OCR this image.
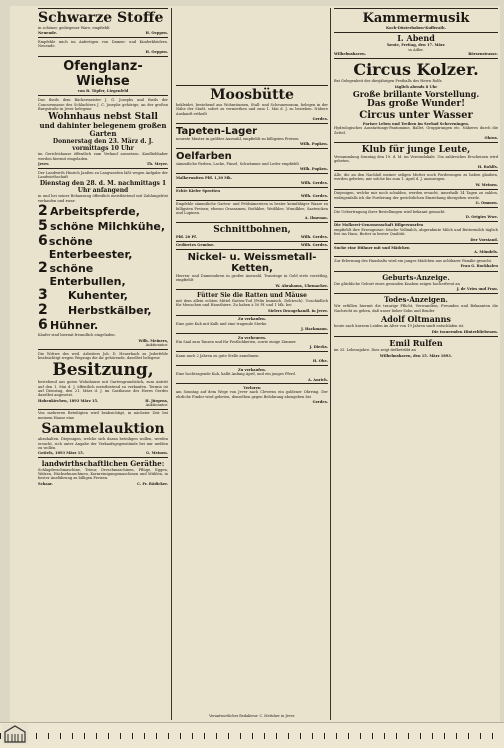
Schwarze Stoffe

in schöner, gediegener Ware, empfiehlt

Neuende.	H. Oeppen.

Empfehle mich im Anfertigen von Damen- und Kinderkleidern. Neuende.

H. Oeppen.
Ofenglanz-Wiehse
von B. Töpfer, Liegenfeld

Das theils dem Bäckermeister J. G. Josephs und theils der Concursmasse des Schlachters J. C. Josephs gehörige, an der großen Burgstraße in Jever belegene

Wohnhaus nebst Stall
und dahinter belegenem großen Garten
Donnerstag den 23. März d. J. vormittags 10 Uhr

im Gerichtshause öffentlich zum Verkauf aussetzen. Kaufliebhaber werden hiermit eingeladen.

Jever.	Th. Meyer.

Der Landwirth Hinrich Janßen zu Langwarden läßt wegen Aufgabe der Landwirthschaft

Dienstag den 28. d. M. nachmittags 1 Uhr anfangend

in und bei seiner Behausung öffentlich meistbietend mit Zahlungsfrist verkaufen und zwar:

2 Arbeitspferde,
5 schöne Milchkühe,
6 schöne Enterbeester,
2 schöne Enterbullen,
3	Kuhenter,
2	Herbstkälber,
6 Hühner.

Käufer sind hiermit freundlich eingeladen.

Wilh. Meiners,
Auktionator.

Die Wittwe des weil. Arbeiters Joh. D. Heuerbach zu Jederfelde beabsichtigt wegen Wegzugs die ihr gehörende, daselbst belegene

Besitzung,

bestehend aus guten Wohnhause mit Gartengrundstück, zum Antritt auf den 1. Mai d. J. öffentlich meistbietend zu verkaufen. Termin ist auf Dienstag, den 21. März d. J. im Gasthause des Herrn Gerdes daselbst angesetzt.

Hohenkirchen, 1893 März 15.	H. Jürgens,
Auktionator.

Von mehreren Beteiligten wird beabsichtigt, in nächster Zeit bei meinem Hause eine

Sammelauktion

abzuhalten. Diejenigen, welche sich daran beteiligen wollen, werden ersucht, sich unter Angabe der Verkaufsgegenstände bei mir melden zu wollen.

Gottels, 1893 März 15.	G. Meinen.
landwirthschaftlichen Geräthe:

Schlagdreschmaschine, Trieur, Dreschmaschinen, Pflüge, Eggen, Walzen, Häckselmaschinen, Kornreinigungsmaschinen und Mühlen, in bester Ausführung zu billigen Preisen.

Schaar.	C. Fr. Rädicker.
Moosbütte

bekleidet, bestehend aus Wohnräumen, Stall- und Scheunenraum, belegen in der Nähe der Stadt, sofort zu vermiethen und zum 1. Mai d. J. zu beziehen. Nähere Auskunft ertheilt

Gerdes.
Tapeten-Lager

neueste Muster in größter Auswahl, empfiehlt zu billigsten Preisen

Wilh. Popken.
Oelfarben

sämmtliche Farben, Lacke, Pinsel, Schwämme und Leder empfiehlt

Wilh. Popken.

Malkerwaiten Pfd. 1,30 Mk.

Wilh. Gerdes.
Echte Kieler Sprotten
Wilh. Gerdes.

Empfehle sämmtliche Garten- und Feldsämereien in bester keimfähiger Waare zu billigsten Preisen; ebenso Grassamen, Rothklee, Weißklee, Wundklee, Saatwicken und Lupinen.

A. Ilmenan.
Schnittbohnen,
Pfd. 20 Pf.	Wilh. Gerdes.
Gedörrtes Gemüse.	Wilh. Gerdes.
Nickel- u. Weissmetall-Ketten,

Herren- und Damenuhren in großer Auswahl, Trauringe in Gold stets vorräthig, empfiehlt

W. Abrahams, Uhrmacher.
Fütter Sie die Ratten und Mäuse

mit dem allein echten Mittel Ratten-Tod (Felix Immisch, Delitzsch). Unschädlich für Menschen und Hausthiere. Zu haben à 50 Pf. und 1 Mk. bei

Sielers Droogehandl. in Jever.
Zu verkaufen.

Eine gute Kuh mit Kalb und eine tragende Sterke.

J. Hackmann.
Zu verheuern.

Ein Saal zum Tanzen und für Festlichkeiten, sowie einige Zimmer.

J. Dierks.

Kann nach 2 Jahren zu gute Stelle annehmen.

H. Ohe.
Zu verkaufen.

Eine hochtragende Kuh, kalbt Anfang April, und ein junges Pferd.

A. Anrich.
Verloren

am Sonntag auf dem Wege von Jever nach Cleverns ein goldener Ohrring. Der ehrliche Finder wird gebeten, denselben gegen Belohnung abzugeben bei

Gerdes.
Verantwortlicher Redakteur: C. Mettcker in Jever.
Kammermusik
Koch-Düsterhoben-Kufferath.
I. Abend
heute, Freitag, den 17. März
in Adler.
Wilhelmshaven.	Börsenstrasse.
Circus Kolzer.

Bei Gelegenheit des diesjährigen Festballs des Herrn Rolfs

täglich abends 8 Uhr
Große brillante Vorstellung.
Das große Wunder!
Circus unter Wasser
Pariser Leben und Treiben im Seebad Scheveningen.

Hydrologisches Ausstattungs-Pantomime, Ballet, Gruppirungen etc. Näheres durch die Zettel.

Ohrns.
Klub für junge Leute,

Versammlung Sonntag den 19. d. M. im Vereinslokale. Um zahlreiches Erscheinen wird gebeten.

H. Rohlfs.

Alle, die an den Nachlaß meiner seligen Mutter noch Forderungen zu haben glauben, werden gebeten, mir solche bis zum 1. April d. J. anzuzeigen.

W. Meinen.

Diejenigen, welche mir noch schulden, werden ersucht, innerhalb 14 Tagen zu zahlen, widrigenfalls ich die Forderung der gerichtlichen Einziehung übergeben werde.

G. Ommen.

Die Uebertragung ihrer Bestellungen wird bekannt gemacht.

D. Ortgies Wwe.
Die Molkerei-Genossenschaft Hilgerswarfen

empfiehlt ihre Erzeugnisse: frische Vollmilch, abgerahmte Milch und Buttermilch täglich frei ins Haus, Butter in bester Qualität.

Der Vorstand.
Suche eine Hühner mit und Mädchen
A. Mündels.

Zur Erlernung des Haushalts wird ein junges Mädchen aus achtbarer Familie gesucht.

Frau G. Bockhalen
Geburts-Anzeige.

Die glückliche Geburt eines gesunden Knaben zeigen hocherfreut an

J. de Vries und Frau.
Todes-Anzeigen.

Wir erfüllen hiermit die traurige Pflicht, Verwandten, Freunden und Bekannten die Nachricht zu geben, daß unser lieber Sohn und Bruder

Adolf Oltmanns

heute nach kurzem Leiden im Alter von 19 Jahren sanft entschlafen ist.

Die trauernden Hinterbliebenen.
Emil Rulfen

im 33. Lebensjahre. Dies zeigt tiefbetrübt an

Wilhelmshaven, den 15. März 1893.
